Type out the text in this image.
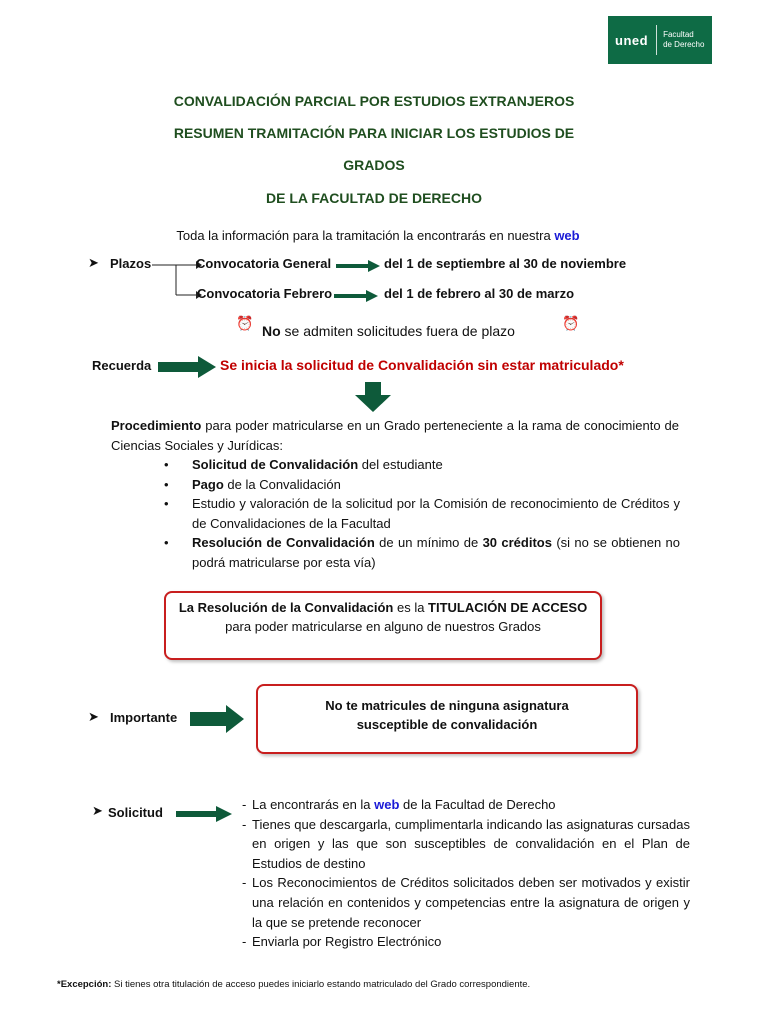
uned Facultad
de Derecho
CONVALIDACIÓN PARCIAL POR ESTUDIOS EXTRANJEROS
RESUMEN TRAMITACIÓN PARA INICIAR LOS ESTUDIOS DE
GRADOS
DE LA FACULTAD DE DERECHO
Toda la información para la tramitación la encontrarás en nuestra web
➤ Plazos	Convocatoria General	del 1 de septiembre al 30 de noviembre
Convocatoria Febrero	del 1 de febrero al 30 de marzo
⏰ No se admiten solicitudes fuera de plazo	⏰
Recuerda	Se inicia la solicitud de Convalidación sin estar matriculado*
Procedimiento para poder matricularse en un Grado perteneciente a la rama de conocimiento de Ciencias Sociales y Jurídicas:
• Solicitud de Convalidación del estudiante
• Pago de la Convalidación
• Estudio y valoración de la solicitud por la Comisión de reconocimiento de Créditos y de Convalidaciones de la Facultad
• Resolución de Convalidación de un mínimo de 30 créditos (si no se obtienen no podrá matricularse por esta vía)
La Resolución de la Convalidación es la TITULACIÓN DE ACCESO
para poder matricularse en alguno de nuestros Grados
➤ Importante
No te matricules de ninguna asignatura susceptible de convalidación
➤ Solicitud
- La encontrarás en la web de la Facultad de Derecho
- Tienes que descargarla, cumplimentarla indicando las asignaturas cursadas en origen y las que son susceptibles de convalidación en el Plan de Estudios de destino
- Los Reconocimientos de Créditos solicitados deben ser motivados y existir una relación en contenidos y competencias entre la asignatura de origen y la que se pretende reconocer
- Enviarla por Registro Electrónico
*Excepción: Si tienes otra titulación de acceso puedes iniciarlo estando matriculado del Grado correspondiente.
